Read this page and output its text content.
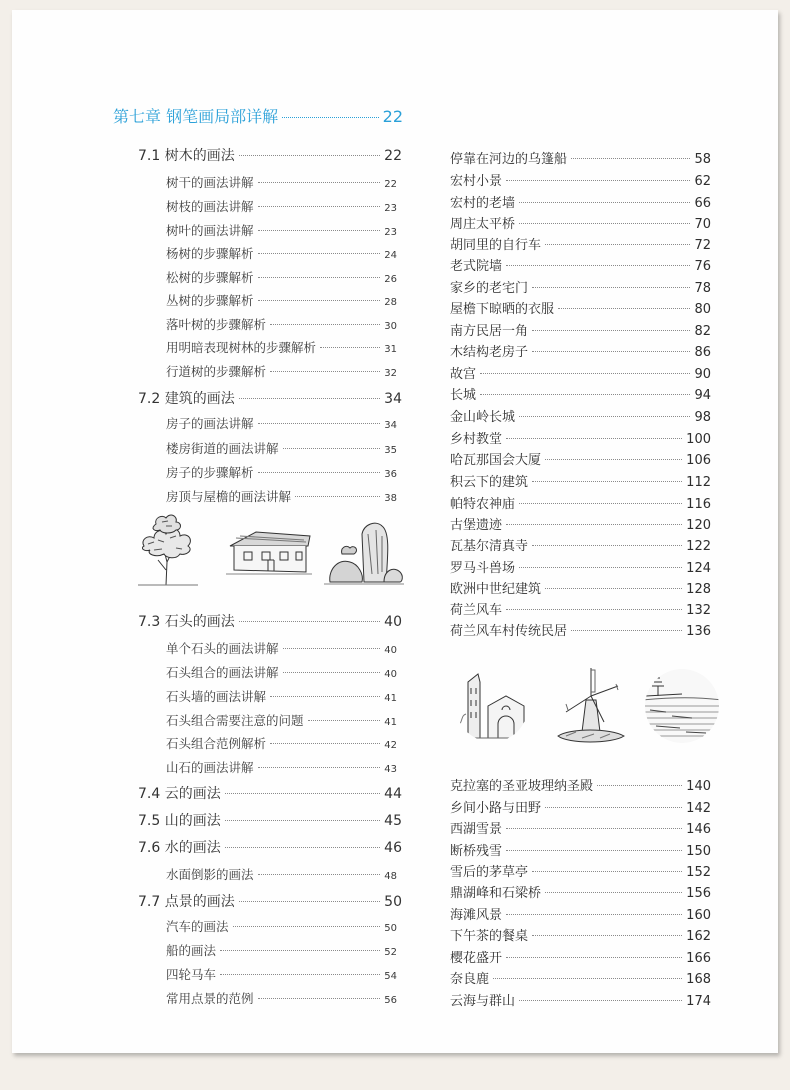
第七章 钢笔画局部详解	22
7.1 树木的画法	22
树干的画法讲解	22
树枝的画法讲解	23
树叶的画法讲解	23
杨树的步骤解析	24
松树的步骤解析	26
丛树的步骤解析	28
落叶树的步骤解析	30
用明暗表现树林的步骤解析	31
行道树的步骤解析	32
7.2 建筑的画法	34
房子的画法讲解	34
楼房街道的画法讲解	35
房子的步骤解析	36
房顶与屋檐的画法讲解	38
7.3 石头的画法	40
单个石头的画法讲解	40
石头组合的画法讲解	40
石头墙的画法讲解	41
石头组合需要注意的问题	41
石头组合范例解析	42
山石的画法讲解	43
7.4 云的画法	44
7.5 山的画法	45
7.6 水的画法	46
水面倒影的画法	48
7.7 点景的画法	50
汽车的画法	50
船的画法	52
四轮马车	54
常用点景的范例	56
停靠在河边的乌篷船	58
宏村小景	62
宏村的老墙	66
周庄太平桥	70
胡同里的自行车	72
老式院墙	76
家乡的老宅门	78
屋檐下晾晒的衣服	80
南方民居一角	82
木结构老房子	86
故宫	90
长城	94
金山岭长城	98
乡村教堂	100
哈瓦那国会大厦	106
积云下的建筑	112
帕特农神庙	116
古堡遗迹	120
瓦基尔清真寺	122
罗马斗兽场	124
欧洲中世纪建筑	128
荷兰风车	132
荷兰风车村传统民居	136
克拉塞的圣亚坡理纳圣殿	140
乡间小路与田野	142
西湖雪景	146
断桥残雪	150
雪后的茅草亭	152
鼎湖峰和石梁桥	156
海滩风景	160
下午茶的餐桌	162
樱花盛开	166
奈良鹿	168
云海与群山	174
